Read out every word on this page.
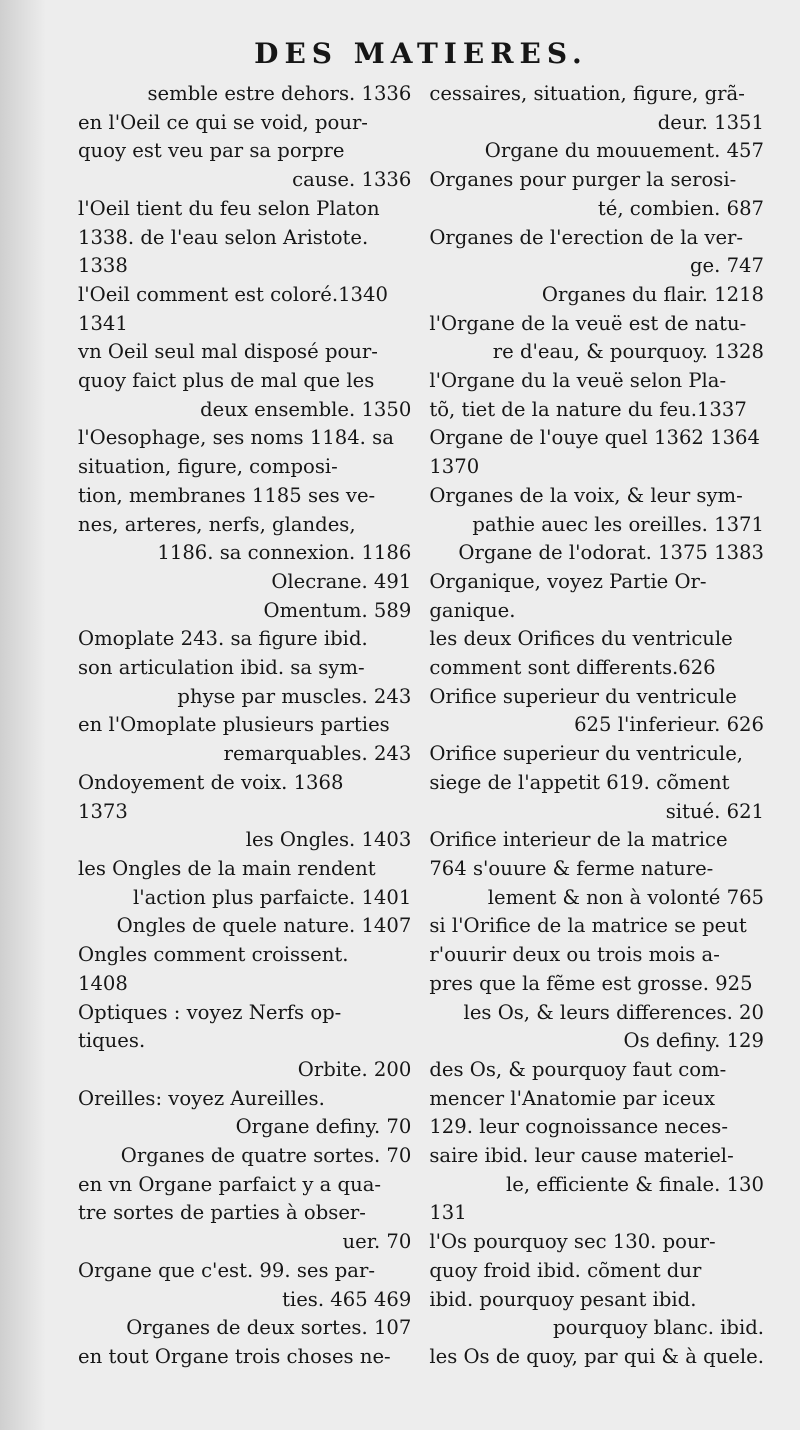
DES MATIERES.

semble estre dehors. 1336

en l'Oeil ce qui se void, pour-
quoy est veu par sa porpre
cause. 1336

l'Oeil tient du feu selon Platon
1338. de l'eau selon Aristote.
1338

l'Oeil comment est coloré.1340
1341

vn Oeil seul mal disposé pour-
quoy faict plus de mal que les
deux ensemble. 1350

l'Oesophage, ses noms 1184. sa
situation, figure, composi-
tion, membranes 1185 ses ve-
nes, arteres, nerfs, glandes,
1186. sa connexion. 1186

Olecrane. 491

Omentum. 589

Omoplate 243. sa figure ibid.
son articulation ibid. sa sym-
physe par muscles. 243

en l'Omoplate plusieurs parties
remarquables. 243

Ondoyement de voix. 1368
1373

les Ongles. 1403

les Ongles de la main rendent
l'action plus parfaicte. 1401

Ongles de quele nature. 1407

Ongles comment croissent.
1408

Optiques : voyez Nerfs op-
tiques.

Orbite. 200

Oreilles: voyez Aureilles.

Organe definy. 70

Organes de quatre sortes. 70

en vn Organe parfaict y a qua-
tre sortes de parties à obser-
uer. 70

Organe que c'est. 99. ses par-
ties. 465 469

Organes de deux sortes. 107

en tout Organe trois choses ne-

cessaires, situation, figure, grã-
deur. 1351

Organe du mouuement. 457

Organes pour purger la serosi-
té, combien. 687

Organes de l'erection de la ver-
ge. 747

Organes du flair. 1218

l'Organe de la veuë est de natu-
re d'eau, & pourquoy. 1328

l'Organe du la veuë selon Pla-
tõ, tiet de la nature du feu.1337

Organe de l'ouye quel 1362 1364
1370

Organes de la voix, & leur sym-
pathie auec les oreilles. 1371

Organe de l'odorat. 1375 1383

Organique, voyez Partie Or-
ganique.

les deux Orifices du ventricule
comment sont differents.626

Orifice superieur du ventricule
625 l'inferieur. 626

Orifice superieur du ventricule,
siege de l'appetit 619. cõment
situé. 621

Orifice interieur de la matrice
764 s'ouure & ferme nature-
lement & non à volonté 765

si l'Orifice de la matrice se peut
r'ouurir deux ou trois mois a-
pres que la fẽme est grosse. 925

les Os, & leurs differences. 20

Os definy. 129

des Os, & pourquoy faut com-
mencer l'Anatomie par iceux
129. leur cognoissance neces-
saire ibid. leur cause materiel-
le, efficiente & finale. 130
131

l'Os pourquoy sec 130. pour-
quoy froid ibid. cõment dur
ibid. pourquoy pesant ibid.
pourquoy blanc. ibid.

les Os de quoy, par qui & à quele.
